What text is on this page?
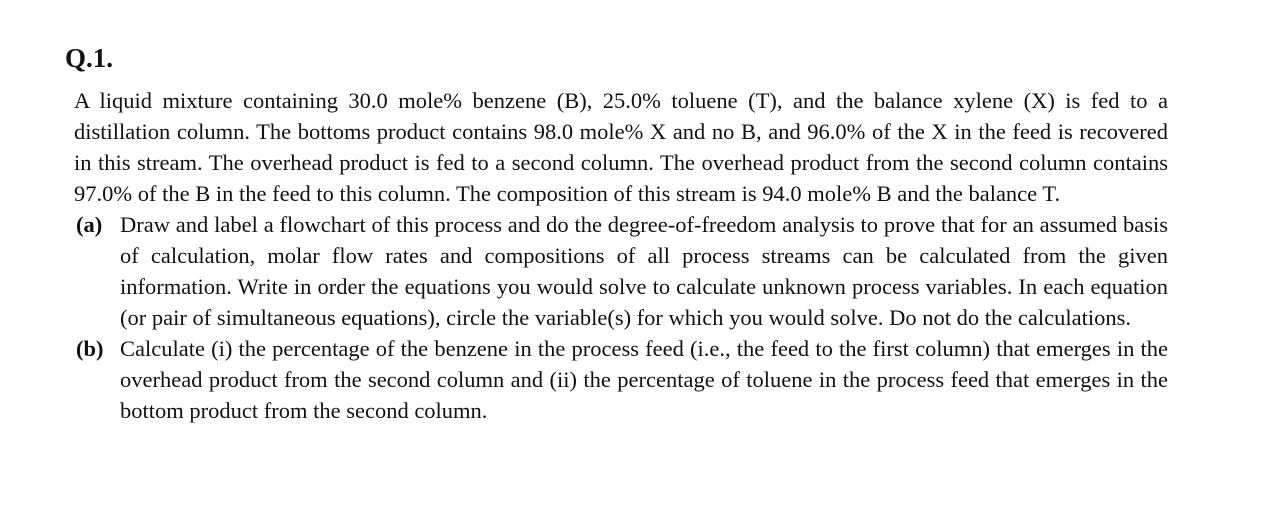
Q.1.

A liquid mixture containing 30.0 mole% benzene (B), 25.0% toluene (T), and the balance xylene (X) is fed to a distillation column. The bottoms product contains 98.0 mole% X and no B, and 96.0% of the X in the feed is recovered in this stream. The overhead product is fed to a second column. The overhead product from the second column contains 97.0% of the B in the feed to this column. The composition of this stream is 94.0 mole% B and the balance T.

(a) Draw and label a flowchart of this process and do the degree-of-freedom analysis to prove that for an assumed basis of calculation, molar flow rates and compositions of all process streams can be calculated from the given information. Write in order the equations you would solve to calculate unknown process variables. In each equation (or pair of simultaneous equations), circle the variable(s) for which you would solve. Do not do the calculations.
(b) Calculate (i) the percentage of the benzene in the process feed (i.e., the feed to the first column) that emerges in the overhead product from the second column and (ii) the percentage of toluene in the process feed that emerges in the bottom product from the second column.
